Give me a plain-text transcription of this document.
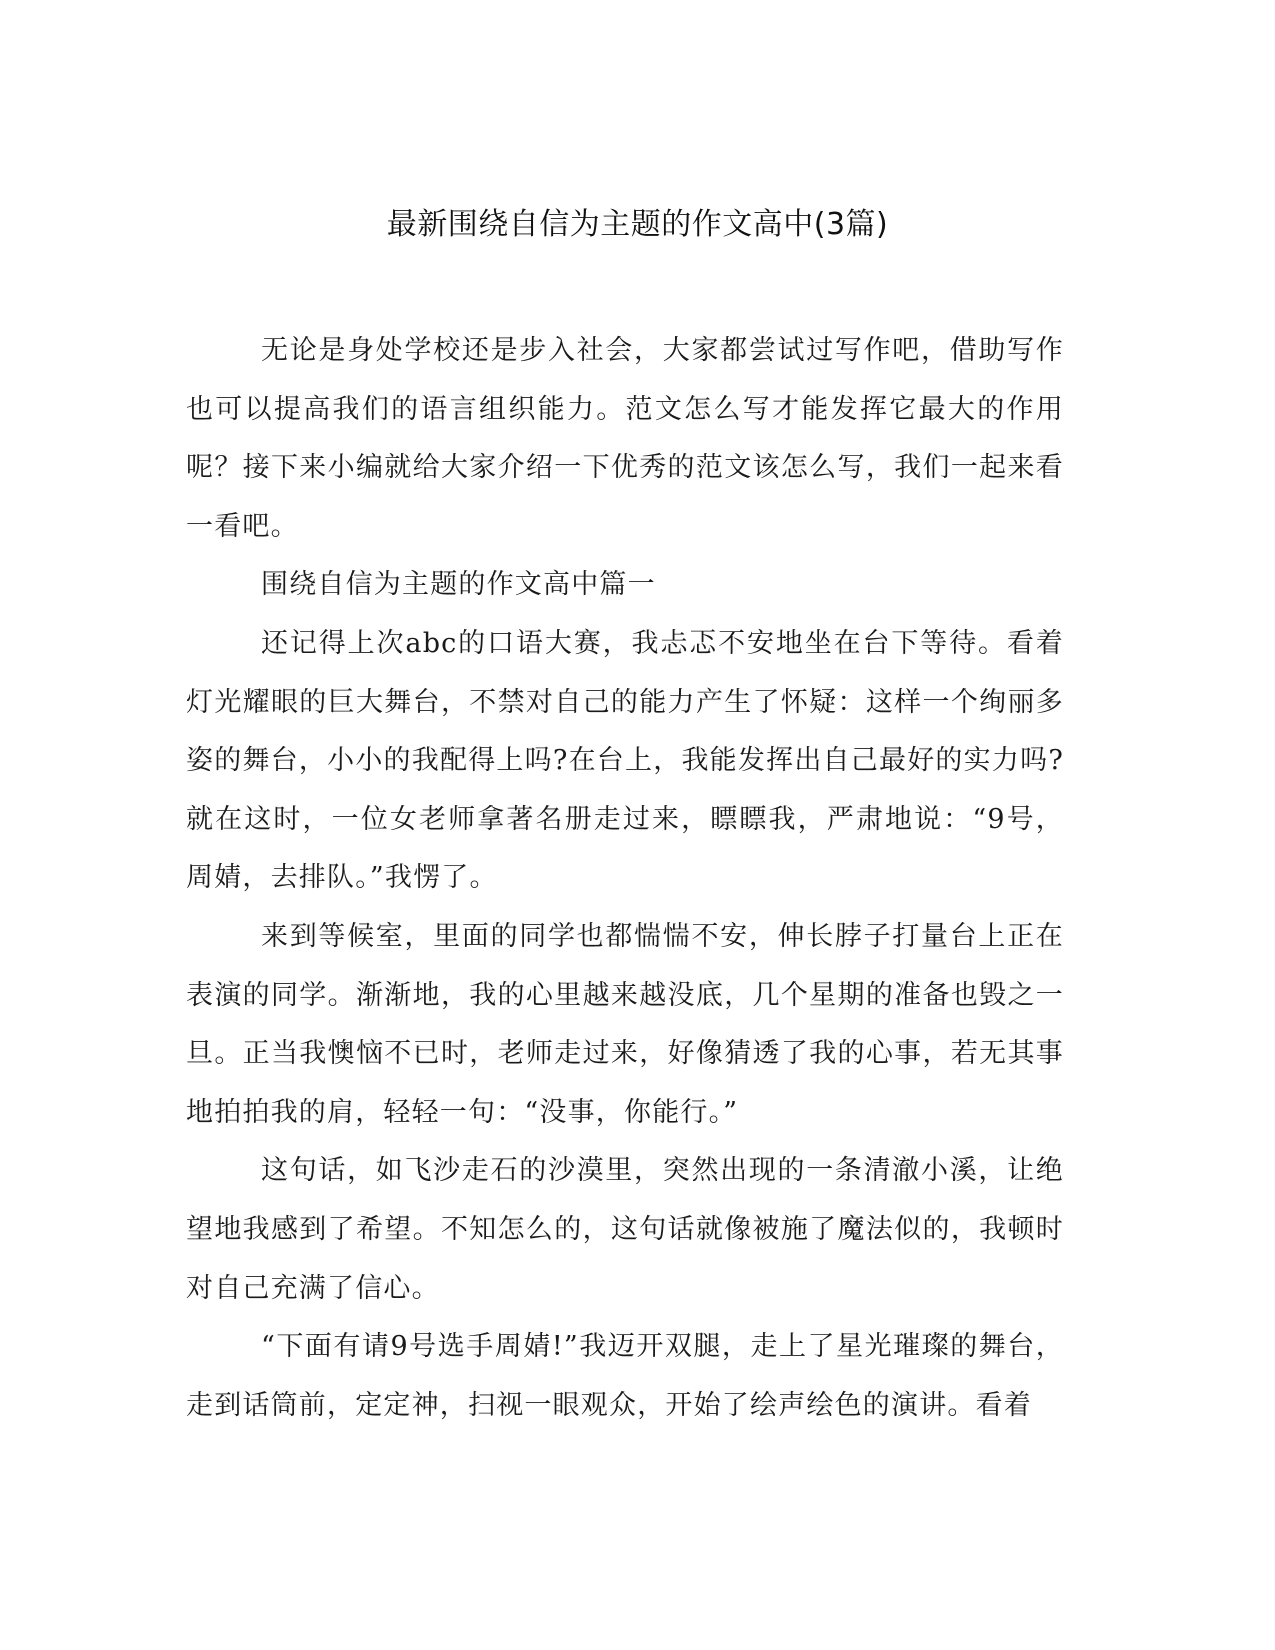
最新围绕自信为主题的作文高中(3篇)

无论是身处学校还是步入社会，大家都尝试过写作吧，借助写作也可以提高我们的语言组织能力。范文怎么写才能发挥它最大的作用呢？接下来小编就给大家介绍一下优秀的范文该怎么写，我们一起来看一看吧。

围绕自信为主题的作文高中篇一

还记得上次abc的口语大赛，我忐忑不安地坐在台下等待。看着灯光耀眼的巨大舞台，不禁对自己的能力产生了怀疑：这样一个绚丽多姿的舞台，小小的我配得上吗?在台上，我能发挥出自己最好的实力吗?就在这时，一位女老师拿著名册走过来，瞟瞟我，严肃地说：“9号，周婧，去排队。”我愣了。

来到等候室，里面的同学也都惴惴不安，伸长脖子打量台上正在表演的同学。渐渐地，我的心里越来越没底，几个星期的准备也毁之一旦。正当我懊恼不已时，老师走过来，好像猜透了我的心事，若无其事地拍拍我的肩，轻轻一句：“没事，你能行。”

这句话，如飞沙走石的沙漠里，突然出现的一条清澈小溪，让绝望地我感到了希望。不知怎么的，这句话就像被施了魔法似的，我顿时对自己充满了信心。

“下面有请9号选手周婧!”我迈开双腿，走上了星光璀璨的舞台，走到话筒前，定定神，扫视一眼观众，开始了绘声绘色的演讲。看着
